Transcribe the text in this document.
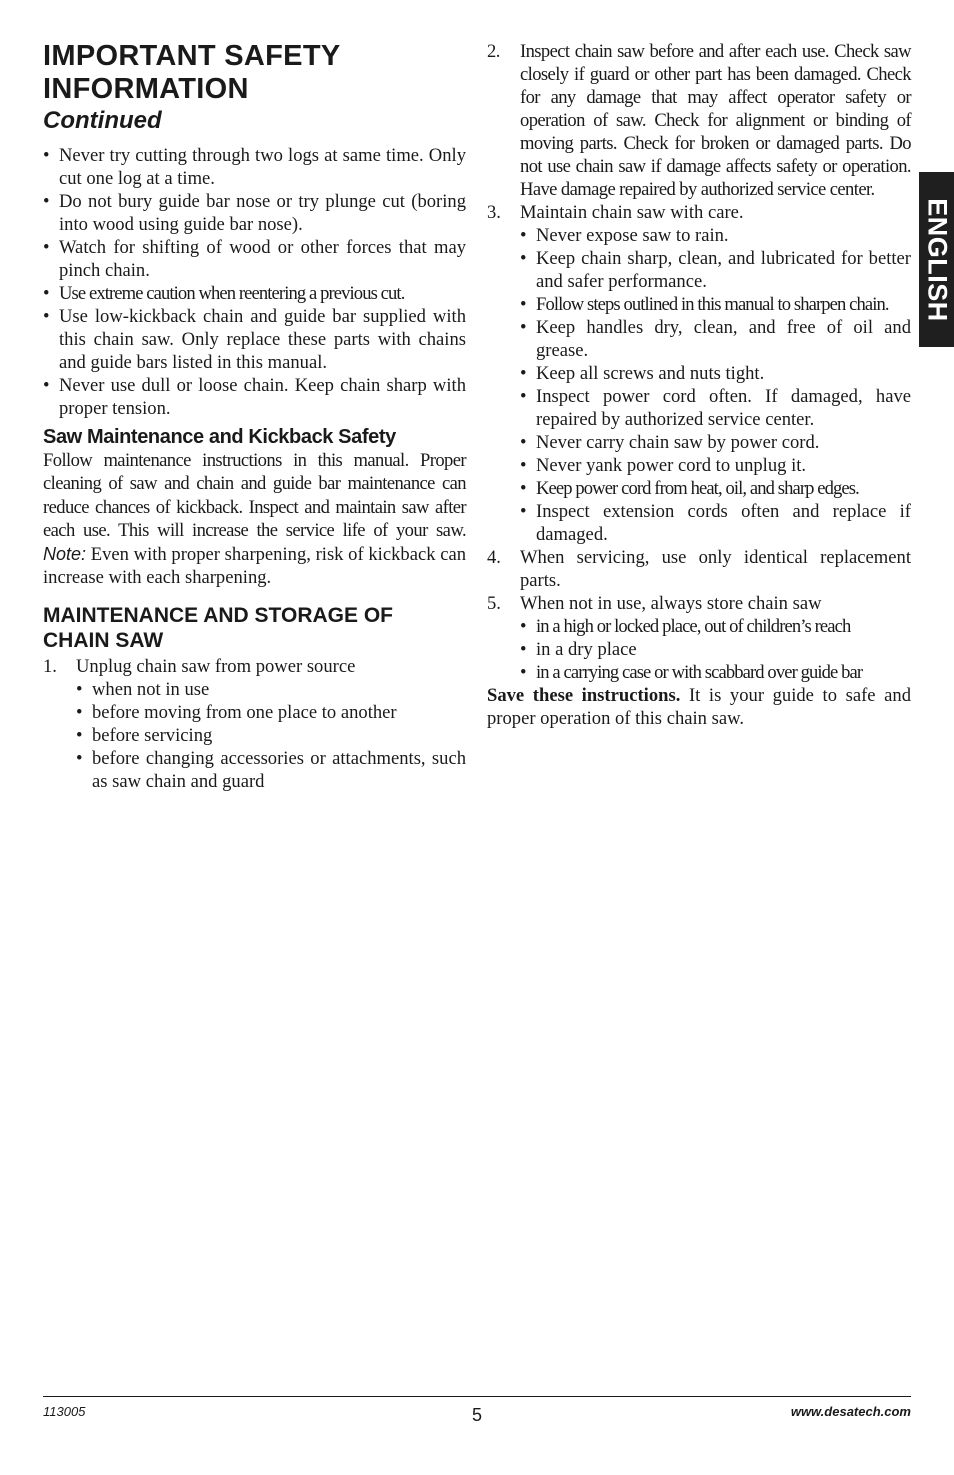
IMPORTANT SAFETY
INFORMATION
Continued
• Never try cutting through two logs at same time. Only cut one log at a time.
• Do not bury guide bar nose or try plunge cut (boring into wood using guide bar nose).
• Watch for shifting of wood or other forces that may pinch chain.
• Use extreme caution when reentering a previous cut.
• Use low-kickback chain and guide bar supplied with this chain saw. Only replace these parts with chains and guide bars listed in this manual.
• Never use dull or loose chain. Keep chain sharp with proper tension.
Saw Maintenance and Kickback Safety

Follow maintenance instructions in this manual. Proper cleaning of saw and chain and guide bar maintenance can reduce chances of kickback. Inspect and maintain saw after each use. This will increase the service life of your saw. Note: Even with proper sharpening, risk of kickback can increase with each sharpening.

MAINTENANCE AND STORAGE OF
CHAIN SAW
1. Unplug chain saw from power source
• when not in use
• before moving from one place to another
• before servicing
• before changing accessories or attachments, such as saw chain and guard
2. Inspect chain saw before and after each use. Check saw closely if guard or other part has been damaged. Check for any damage that may affect operator safety or operation of saw. Check for alignment or binding of moving parts. Check for broken or damaged parts. Do not use chain saw if damage affects safety or operation. Have damage repaired by authorized service center.
3. Maintain chain saw with care.
• Never expose saw to rain.
• Keep chain sharp, clean, and lubricated for better and safer performance.
• Follow steps outlined in this manual to sharpen chain.
• Keep handles dry, clean, and free of oil and grease.
• Keep all screws and nuts tight.
• Inspect power cord often. If damaged, have repaired by authorized service center.
• Never carry chain saw by power cord.
• Never yank power cord to unplug it.
• Keep power cord from heat, oil, and sharp edges.
• Inspect extension cords often and replace if damaged.
4. When servicing, use only identical replacement parts.
5. When not in use, always store chain saw
• in a high or locked place, out of children’s reach
• in a dry place
• in a carrying case or with scabbard over guide bar

Save these instructions. It is your guide to safe and proper operation of this chain saw.

ENGLISH
113005	5	www.desatech.com
